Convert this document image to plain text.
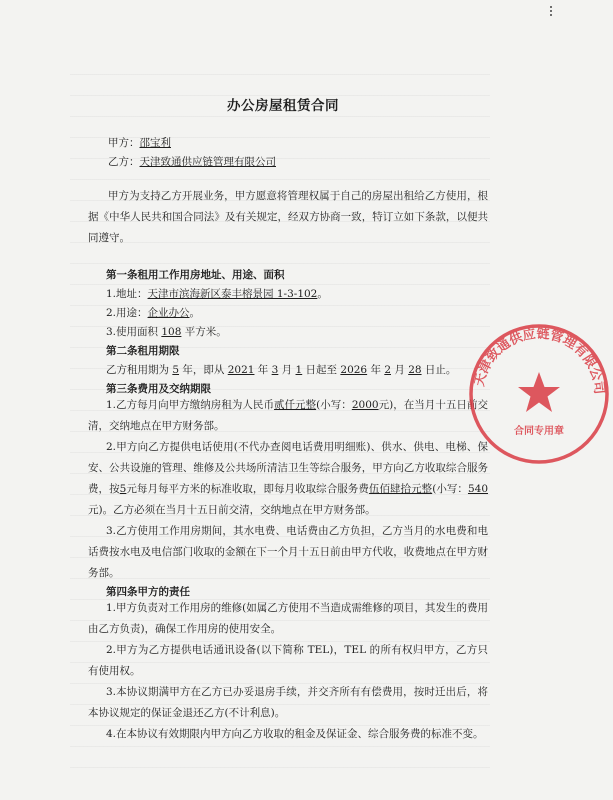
办公房屋租赁合同
甲方：邵宝利
乙方：天津致通供应链管理有限公司
甲方为支持乙方开展业务，甲方愿意将管理权属于自己的房屋出租给乙方使用，根据《中华人民共和国合同法》及有关规定，经双方协商一致，特订立如下条款，以便共同遵守。
第一条租用工作用房地址、用途、面积
1.地址：天津市滨海新区泰丰榕景园 1-3-102。
2.用途：企业办公。
3.使用面积 108 平方米。
第二条租用期限
乙方租用期为 5 年，即从 2021 年 3 月 1 日起至 2026 年 2 月 28 日止。
第三条费用及交纳期限
1.乙方每月向甲方缴纳房租为人民币贰仟元整(小写：2000元)，在当月十五日前交清，交纳地点在甲方财务部。
2.甲方向乙方提供电话使用(不代办查阅电话费用明细账)、供水、供电、电梯、保安、公共设施的管理、维修及公共场所清洁卫生等综合服务，甲方向乙方收取综合服务费，按5元每月每平方米的标准收取，即每月收取综合服务费伍佰肆拾元整(小写：540元)。乙方必须在当月十五日前交清，交纳地点在甲方财务部。
3.乙方使用工作用房期间，其水电费、电话费由乙方负担，乙方当月的水电费和电话费按水电及电信部门收取的金额在下一个月十五日前由甲方代收，收费地点在甲方财务部。
第四条甲方的责任
1.甲方负责对工作用房的维修(如属乙方使用不当造成需维修的项目，其发生的费用由乙方负责)，确保工作用房的使用安全。
2.甲方为乙方提供电话通讯设备(以下简称 TEL)，TEL 的所有权归甲方，乙方只有使用权。
3.本协议期满甲方在乙方已办妥退房手续，并交齐所有有偿费用，按时迁出后，将本协议规定的保证金退还乙方(不计利息)。
4.在本协议有效期限内甲方向乙方收取的租金及保证金、综合服务费的标准不变。
天津致通供应链管理有限公司
合同专用章
